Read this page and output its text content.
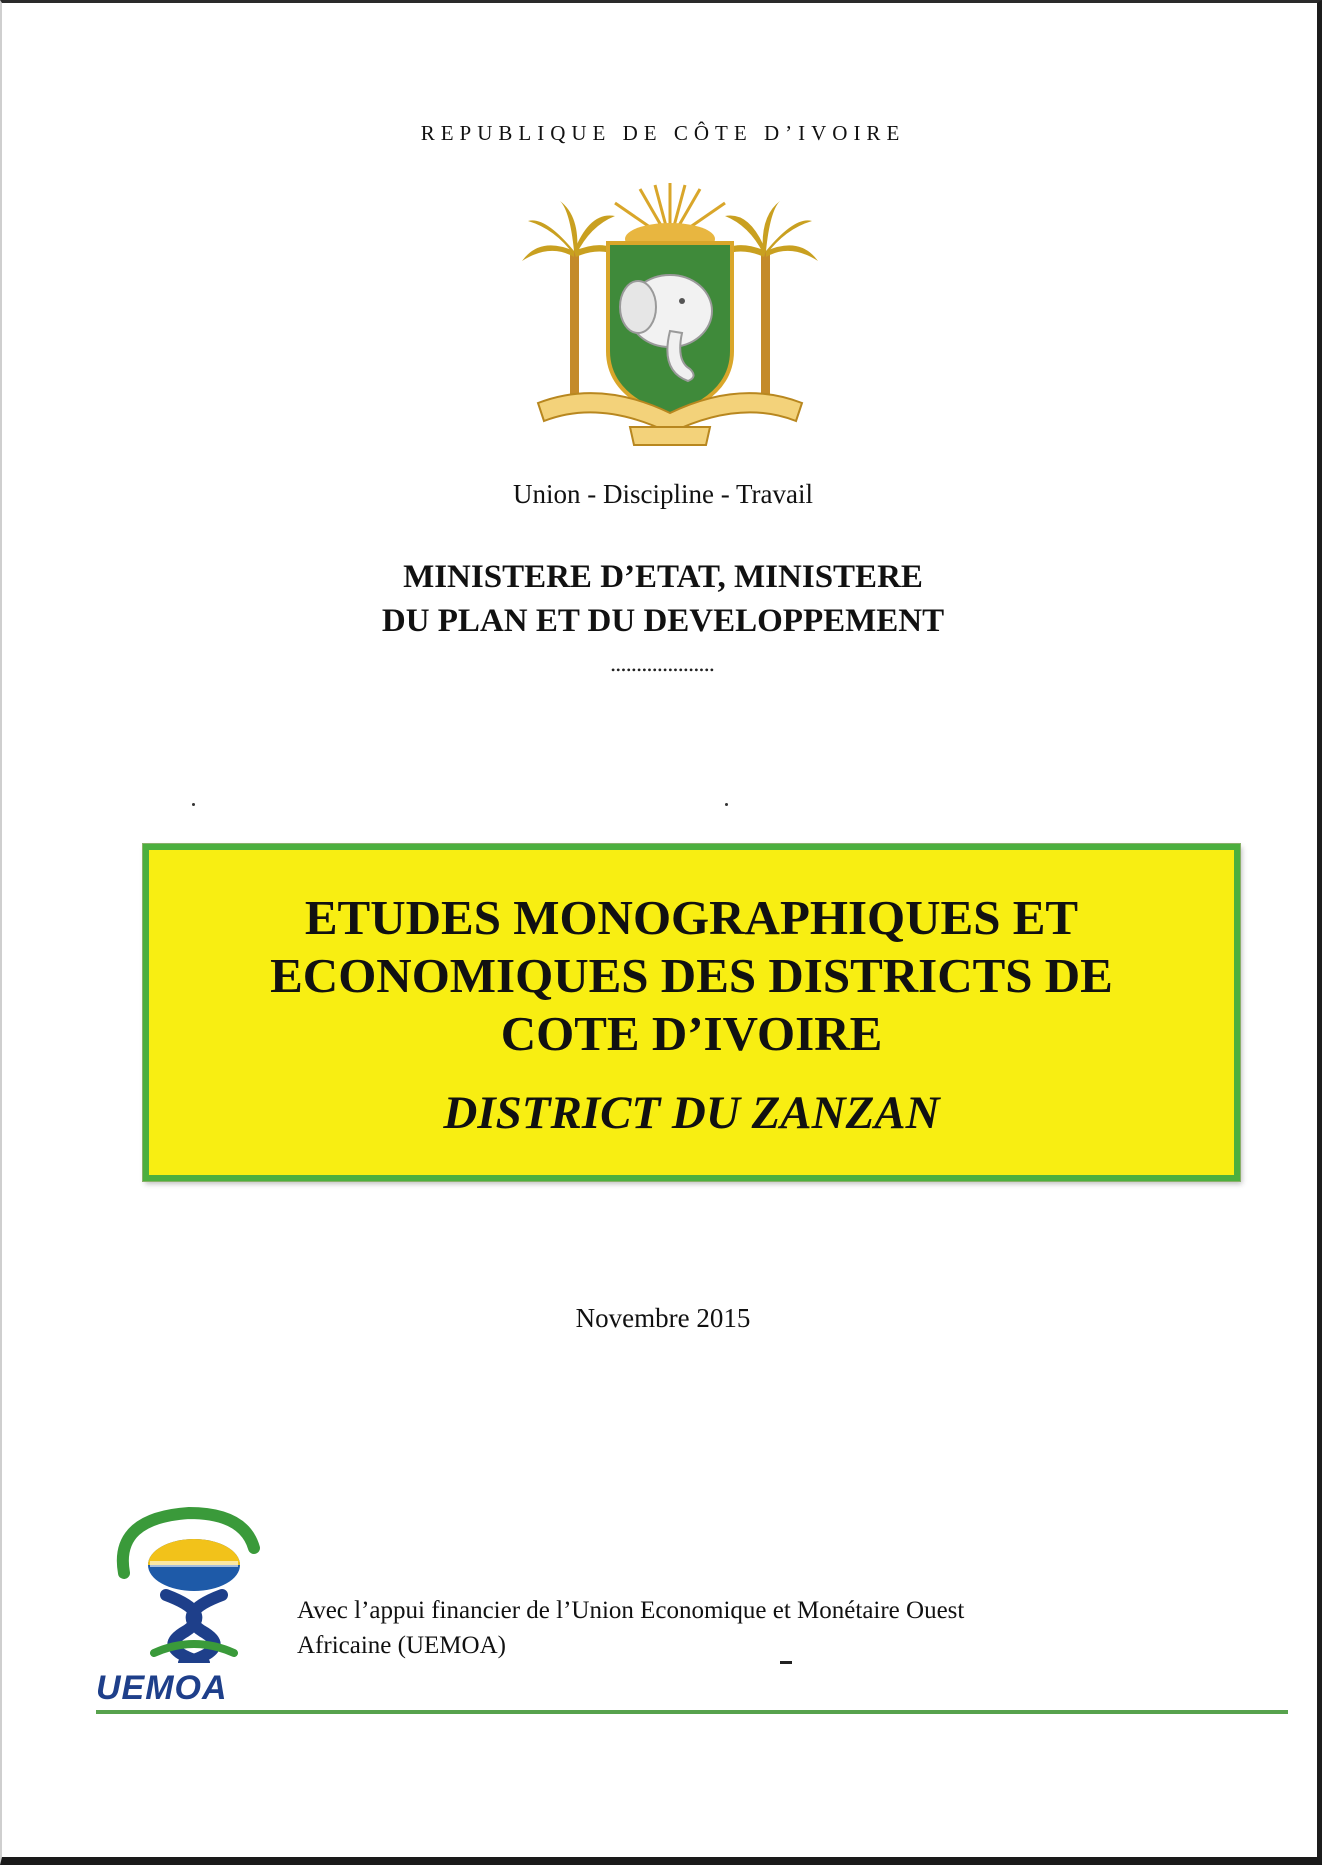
REPUBLIQUE DE CÔTE D’IVOIRE
Union - Discipline - Travail
MINISTERE D’ETAT, MINISTERE
DU PLAN ET DU DEVELOPPEMENT
••••••••••••••••••••
ETUDES MONOGRAPHIQUES ET
ECONOMIQUES DES DISTRICTS DE
COTE D’IVOIRE
DISTRICT DU ZANZAN
Novembre 2015
UEMOA
Avec l’appui financier de l’Union Economique et Monétaire Ouest
Africaine (UEMOA)
